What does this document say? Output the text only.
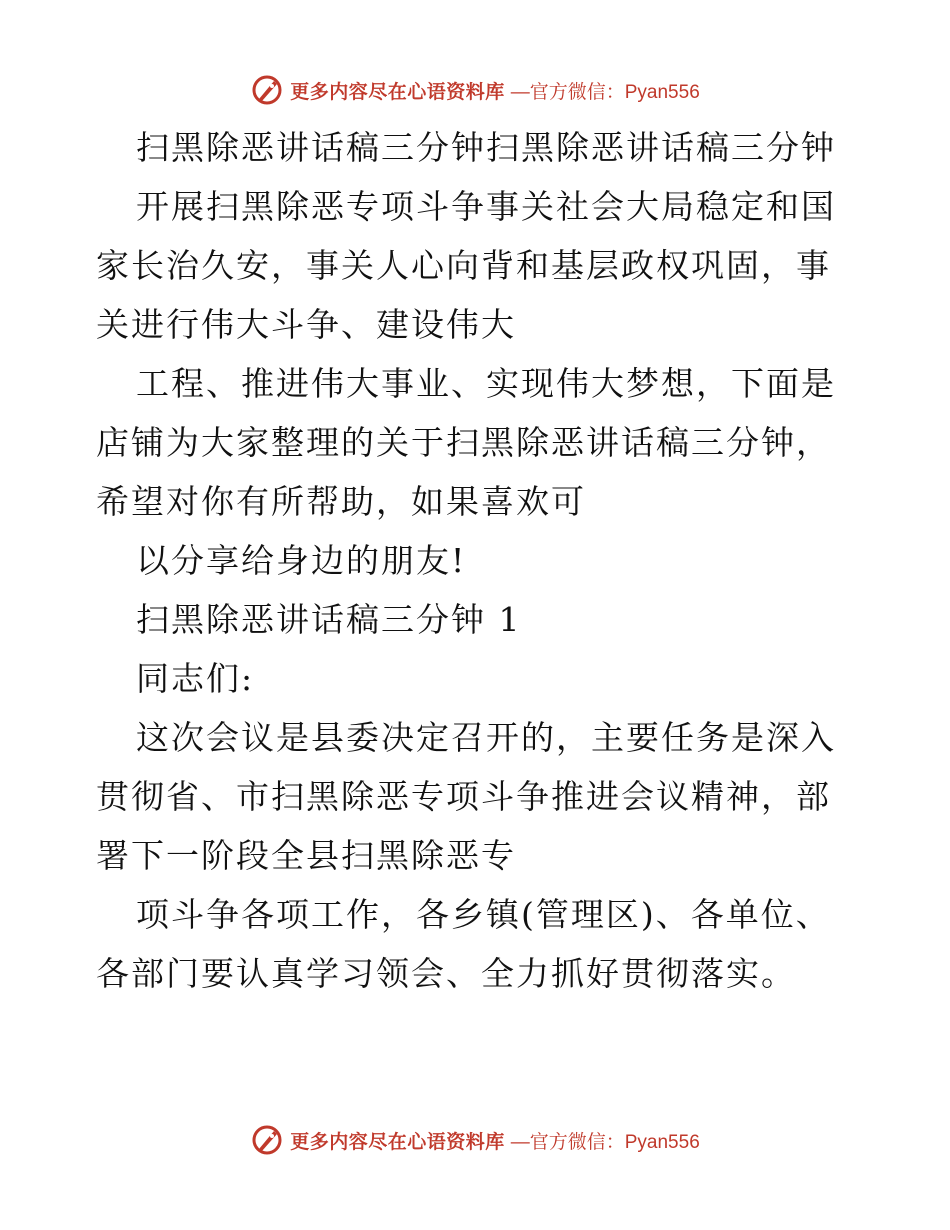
更多内容尽在心语资料库 —官方微信：Pyan556

扫黑除恶讲话稿三分钟扫黑除恶讲话稿三分钟

开展扫黑除恶专项斗争事关社会大局稳定和国家长治久安，事关人心向背和基层政权巩固，事关进行伟大斗争、建设伟大

工程、推进伟大事业、实现伟大梦想，下面是店铺为大家整理的关于扫黑除恶讲话稿三分钟，希望对你有所帮助，如果喜欢可

以分享给身边的朋友!

扫黑除恶讲话稿三分钟 1

同志们:

这次会议是县委决定召开的，主要任务是深入贯彻省、市扫黑除恶专项斗争推进会议精神，部署下一阶段全县扫黑除恶专

项斗争各项工作，各乡镇(管理区)、各单位、各部门要认真学习领会、全力抓好贯彻落实。

更多内容尽在心语资料库 —官方微信：Pyan556
